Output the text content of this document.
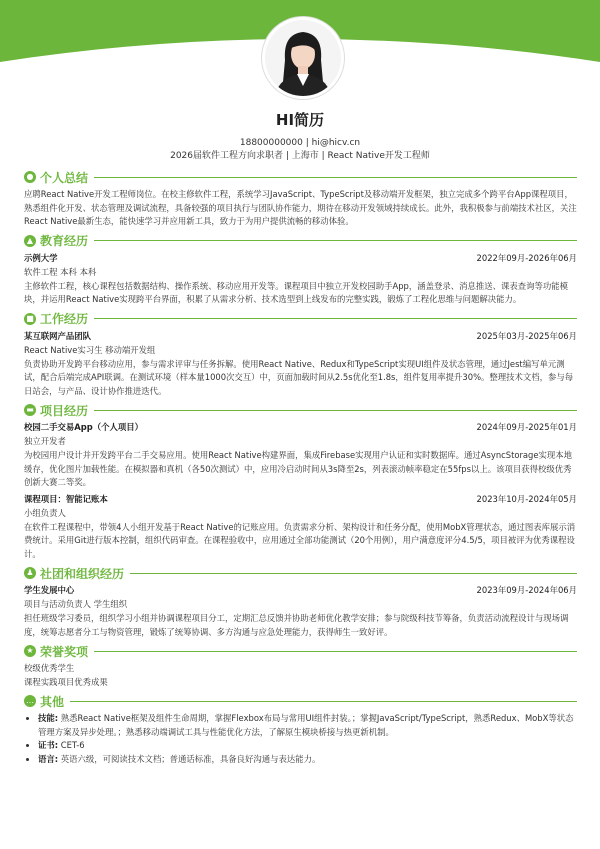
HI简历
18800000000 | hi@hicv.cn
2026届软件工程方向求职者 | 上海市 | React Native开发工程师
● 个人总结
应聘React Native开发工程师岗位。在校主修软件工程，系统学习JavaScript、TypeScript及移动端开发框架，独立完成多个跨平台App课程项目，熟悉组件化开发、状态管理及调试流程，具备较强的项目执行与团队协作能力，期待在移动开发领域持续成长。此外，我积极参与前端技术社区，关注React Native最新生态，能快速学习并应用新工具，致力于为用户提供流畅的移动体验。
▲ 教育经历
示例大学	2022年09月-2026年06月
软件工程 本科 本科
主修软件工程，核心课程包括数据结构、操作系统、移动应用开发等。课程项目中独立开发校园助手App，涵盖登录、消息推送、课表查询等功能模块，并运用React Native实现跨平台界面，积累了从需求分析、技术选型到上线发布的完整实践，锻炼了工程化思维与问题解决能力。
■ 工作经历
某互联网产品团队	2025年03月-2025年06月
React Native实习生 移动端开发组
负责协助开发跨平台移动应用，参与需求评审与任务拆解。使用React Native、Redux和TypeScript实现UI组件及状态管理，通过Jest编写单元测试，配合后端完成API联调。在测试环境（样本量1000次交互）中，页面加载时间从2.5s优化至1.8s，组件复用率提升30%。整理技术文档，参与每日站会，与产品、设计协作推进迭代。
▬ 项目经历
校园二手交易App（个人项目）	2024年09月-2025年01月
独立开发者
为校园用户设计并开发跨平台二手交易应用。使用React Native构建界面，集成Firebase实现用户认证和实时数据库。通过AsyncStorage实现本地缓存，优化图片加载性能。在模拟器和真机（各50次测试）中，应用冷启动时间从3s降至2s，列表滚动帧率稳定在55fps以上。该项目获得校级优秀创新大赛二等奖。
课程项目：智能记账本	2023年10月-2024年05月
小组负责人
在软件工程课程中，带领4人小组开发基于React Native的记账应用。负责需求分析、架构设计和任务分配，使用MobX管理状态，通过图表库展示消费统计。采用Git进行版本控制，组织代码审查。在课程验收中，应用通过全部功能测试（20个用例），用户满意度评分4.5/5，项目被评为优秀课程设计。
♟ 社团和组织经历
学生发展中心	2023年09月-2024年06月
项目与活动负责人 学生组织
担任班级学习委员，组织学习小组并协调课程项目分工，定期汇总反馈并协助老师优化教学安排；参与院级科技节筹备，负责活动流程设计与现场调度，统筹志愿者分工与物资管理，锻炼了统筹协调、多方沟通与应急处理能力，获得师生一致好评。
★ 荣誉奖项
校级优秀学生
课程实践项目优秀成果
… 其他
• 技能: 熟悉React Native框架及组件生命周期，掌握Flexbox布局与常用UI组件封装。；掌握JavaScript/TypeScript，熟悉Redux、MobX等状态管理方案及异步处理。；熟悉移动端调试工具与性能优化方法，了解原生模块桥接与热更新机制。
• 证书: CET-6
• 语言: 英语六级，可阅读技术文档；普通话标准，具备良好沟通与表达能力。
